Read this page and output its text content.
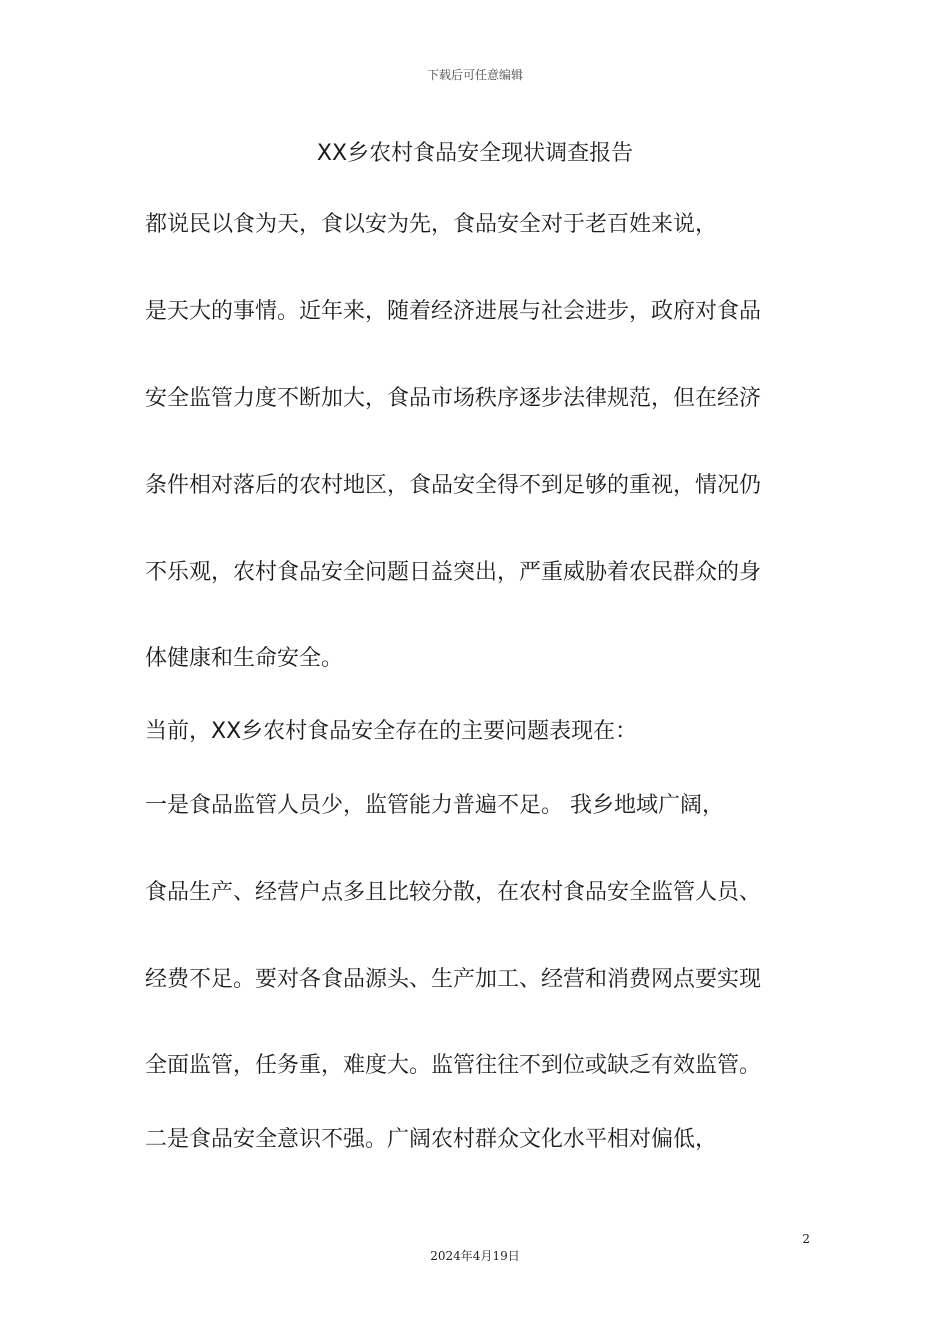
下载后可任意编辑
XX乡农村食品安全现状调查报告
都说民以食为天，食以安为先，食品安全对于老百姓来说，
是天大的事情。近年来，随着经济进展与社会进步，政府对食品
安全监管力度不断加大，食品市场秩序逐步法律规范，但在经济
条件相对落后的农村地区，食品安全得不到足够的重视，情况仍
不乐观，农村食品安全问题日益突出，严重威胁着农民群众的身
体健康和生命安全。
当前，XX乡农村食品安全存在的主要问题表现在：
一是食品监管人员少，监管能力普遍不足。 我乡地域广阔，
食品生产、经营户点多且比较分散，在农村食品安全监管人员、
经费不足。要对各食品源头、生产加工、经营和消费网点要实现
全面监管，任务重，难度大。监管往往不到位或缺乏有效监管。
二是食品安全意识不强。广阔农村群众文化水平相对偏低，
2
2024年4月19日
